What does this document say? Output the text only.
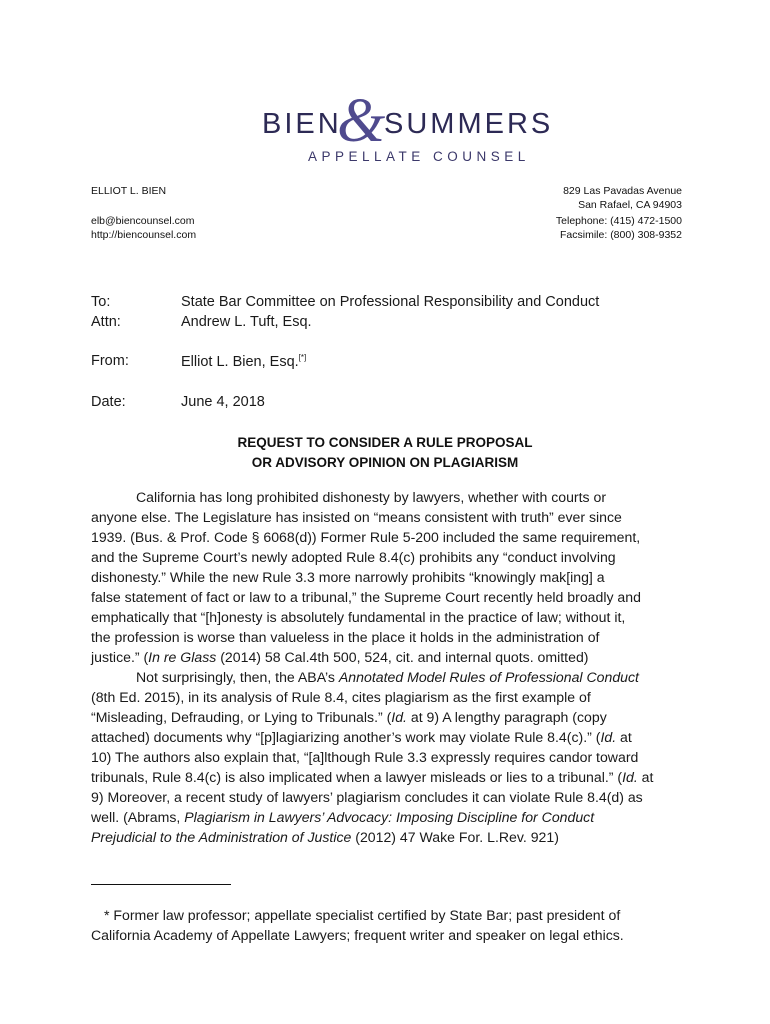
BIEN
&
SUMMERS
APPELLATE COUNSEL
ELLIOT L. BIEN
elb@biencounsel.com
http://biencounsel.com
829 Las Pavadas Avenue
San Rafael, CA 94903
Telephone: (415) 472-1500
Facsimile: (800) 308-9352
To:	State Bar Committee on Professional Responsibility and Conduct
Attn:	Andrew L. Tuft, Esq.
From:	Elliot L. Bien, Esq.[*]
Date:	June 4, 2018
REQUEST TO CONSIDER A RULE PROPOSAL
OR ADVISORY OPINION ON PLAGIARISM
California has long prohibited dishonesty by lawyers, whether with courts or
anyone else. The Legislature has insisted on “means consistent with truth” ever since
1939. (Bus. & Prof. Code § 6068(d)) Former Rule 5-200 included the same requirement,
and the Supreme Court’s newly adopted Rule 8.4(c) prohibits any “conduct involving
dishonesty.” While the new Rule 3.3 more narrowly prohibits “knowingly mak[ing] a
false statement of fact or law to a tribunal,” the Supreme Court recently held broadly and
emphatically that “[h]onesty is absolutely fundamental in the practice of law; without it,
the profession is worse than valueless in the place it holds in the administration of
justice.” (In re Glass (2014) 58 Cal.4th 500, 524, cit. and internal quots. omitted)
Not surprisingly, then, the ABA’s Annotated Model Rules of Professional Conduct
(8th Ed. 2015), in its analysis of Rule 8.4, cites plagiarism as the first example of
“Misleading, Defrauding, or Lying to Tribunals.” (Id. at 9) A lengthy paragraph (copy
attached) documents why “[p]lagiarizing another’s work may violate Rule 8.4(c).” (Id. at
10) The authors also explain that, “[a]lthough Rule 3.3 expressly requires candor toward
tribunals, Rule 8.4(c) is also implicated when a lawyer misleads or lies to a tribunal.” (Id. at
9) Moreover, a recent study of lawyers’ plagiarism concludes it can violate Rule 8.4(d) as
well. (Abrams, Plagiarism in Lawyers’ Advocacy: Imposing Discipline for Conduct
Prejudicial to the Administration of Justice (2012) 47 Wake For. L.Rev. 921)
* Former law professor; appellate specialist certified by State Bar; past president of
California Academy of Appellate Lawyers; frequent writer and speaker on legal ethics.
